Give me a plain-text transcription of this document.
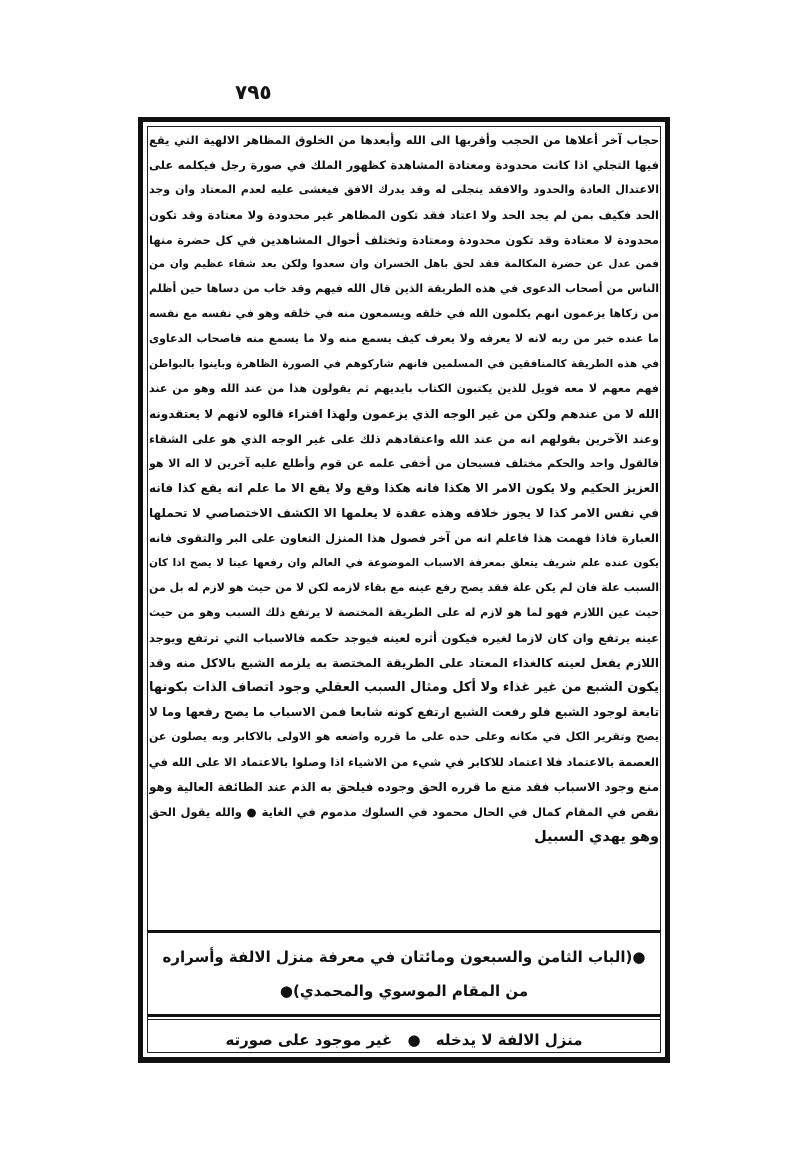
٧٩٥
حجاب آخر أعلاها من الحجب وأقربها الى الله وأبعدها من الخلوق المظاهر الالهية التي يقع
فيها التجلي اذا كانت محدودة ومعتادة المشاهدة كظهور الملك في صورة رجل فيكلمه على
الاعتدال العادة والحدود والافقد يتجلى له وقد يدرك الافق فيغشى عليه لعدم المعتاد وان وجد
الحد فكيف بمن لم يجد الحد ولا اعتاد فقد تكون المظاهر غير محدودة ولا معتادة وقد تكون
محدودة لا معتادة وقد تكون محدودة ومعتادة وتختلف أحوال المشاهدين في كل حضرة منها
فمن عدل عن حضرة المكالمة فقد لحق باهل الخسران وان سعدوا ولكن بعد شقاء عظيم وان من
الناس من أصحاب الدعوى في هذه الطريقة الذين قال الله فيهم وقد خاب من دساها حين أظلم
من زكاها يزعمون انهم يكلمون الله في خلقه ويسمعون منه في خلقه وهو في نفسه مع نفسه
ما عنده خبر من ربه لانه لا يعرفه ولا يعرف كيف يسمع منه ولا ما يسمع منه فاصحاب الدعاوى
في هذه الطريقة كالمنافقين في المسلمين فانهم شاركوهم في الصورة الظاهرة وباينوا بالبواطن
فهم معهم لا معه فويل للذين يكتبون الكتاب بايديهم ثم يقولون هذا من عند الله وهو من عند
الله لا من عندهم ولكن من غير الوجه الذي يزعمون ولهذا افتراء قالوه لانهم لا يعتقدونه
وعند الآخرين بقولهم انه من عند الله واعتقادهم ذلك على غير الوجه الذي هو على الشقاء
فالقول واحد والحكم مختلف فسبحان من أخفى علمه عن قوم وأطلع عليه آخرين لا اله الا هو
العزيز الحكيم ولا يكون الامر الا هكذا فانه هكذا وقع ولا يقع الا ما علم انه يقع كذا فانه
في نفس الامر كذا لا يجوز خلافه وهذه عقدة لا يعلمها الا الكشف الاختصاصي لا تحملها
العبارة فاذا فهمت هذا فاعلم انه من آخر فصول هذا المنزل التعاون على البر والتقوى فانه
يكون عنده علم شريف يتعلق بمعرفة الاسباب الموضوعة في العالم وان رفعها عينا لا يصح اذا كان
السبب علة فان لم يكن علة فقد يصح رفع عينه مع بقاء لازمه لكن لا من حيث هو لازم له بل من
حيث عين اللازم فهو لما هو لازم له على الطريقة المختصة لا يرتفع ذلك السبب وهو من حيث
عينه يرتفع وان كان لازما لغيره فيكون أثره لعينه فيوجد حكمه فالاسباب التي ترتفع ويوجد
اللازم يفعل لعينه كالغذاء المعتاد على الطريقة المختصة به يلزمه الشبع بالاكل منه وقد
يكون الشبع من غير غذاء ولا أكل ومثال السبب العقلي وجود اتصاف الذات بكونها
تابعة لوجود الشبع فلو رفعت الشبع ارتفع كونه شابعا فمن الاسباب ما يصح رفعها وما لا
يصح وتقرير الكل في مكانه وعلى حده على ما قرره واضعه هو الاولى بالاكابر وبه يصلون عن
العصمة بالاعتماد فلا اعتماد للاكابر في شيء من الاشياء اذا وصلوا بالاعتماد الا على الله في
منع وجود الاسباب فقد منع ما قرره الحق وجوده فيلحق به الذم عند الطائفة العالية وهو
نقص في المقام كمال في الحال محمود في السلوك مذموم في الغاية ● والله يقول الحق
وهو يهدي السبيل
●(الباب الثامن والسبعون ومائتان في معرفة منزل الالفة وأسراره
من المقام الموسوي والمحمدي)●
منزل الالفة لا يدخله ● غير موجود على صورته
